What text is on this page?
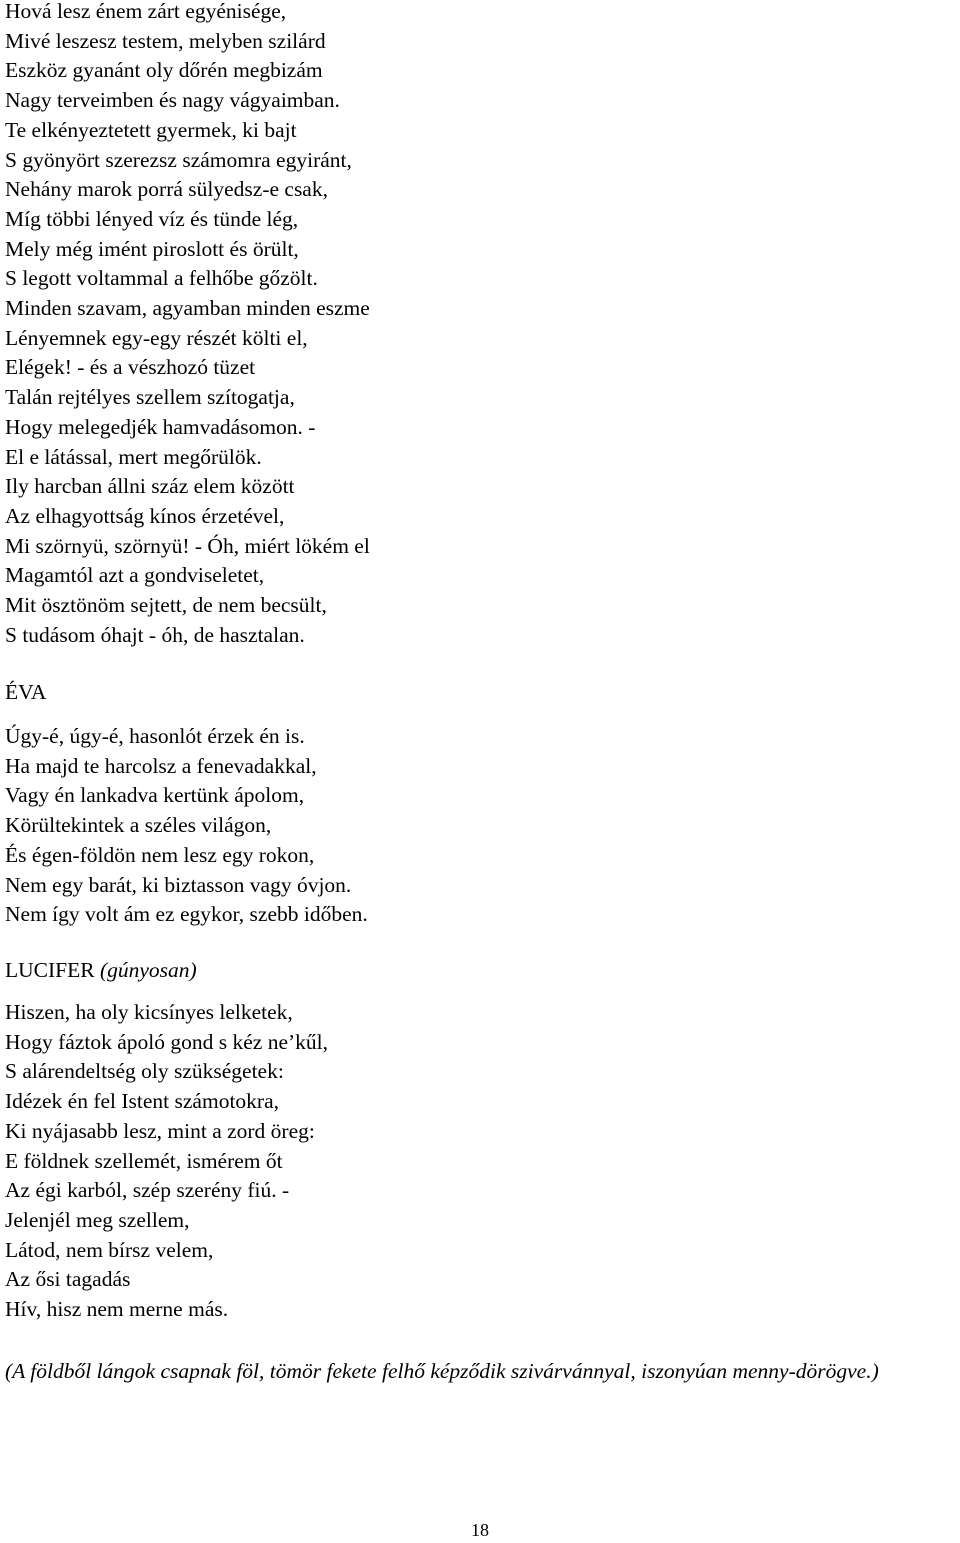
Hová lesz énem zárt egyénisége,
Mivé leszesz testem, melyben szilárd
Eszköz gyanánt oly dőrén megbizám
Nagy terveimben és nagy vágyaimban.
Te elkényeztetett gyermek, ki bajt
S gyönyört szerezsz számomra egyiránt,
Nehány marok porrá sülyedsz-e csak,
Míg többi lényed víz és tünde lég,
Mely még imént piroslott és örült,
S legott voltammal a felhőbe gőzölt.
Minden szavam, agyamban minden eszme
Lényemnek egy-egy részét költi el,
Elégek! - és a vészhozó tüzet
Talán rejtélyes szellem szítogatja,
Hogy melegedjék hamvadásomon. -
El e látással, mert megőrülök.
Ily harcban állni száz elem között
Az elhagyottság kínos érzetével,
Mi szörnyü, szörnyü! - Óh, miért lökém el
Magamtól azt a gondviseletet,
Mit ösztönöm sejtett, de nem becsült,
S tudásom óhajt - óh, de hasztalan.
ÉVA
Úgy-é, úgy-é, hasonlót érzek én is.
Ha majd te harcolsz a fenevadakkal,
Vagy én lankadva kertünk ápolom,
Körültekintek a széles világon,
És égen-földön nem lesz egy rokon,
Nem egy barát, ki biztasson vagy óvjon.
Nem így volt ám ez egykor, szebb időben.
LUCIFER (gúnyosan)
Hiszen, ha oly kicsínyes lelketek,
Hogy fáztok ápoló gond s kéz ne’kűl,
S alárendeltség oly szükségetek:
Idézek én fel Istent számotokra,
Ki nyájasabb lesz, mint a zord öreg:
E földnek szellemét, ismérem őt
Az égi karból, szép szerény fiú. -
Jelenjél meg szellem,
Látod, nem bírsz velem,
Az ősi tagadás
Hív, hisz nem merne más.

(A földből lángok csapnak föl, tömör fekete felhő képződik szivárvánnyal, iszonyúan menny-dörögve.)

18
